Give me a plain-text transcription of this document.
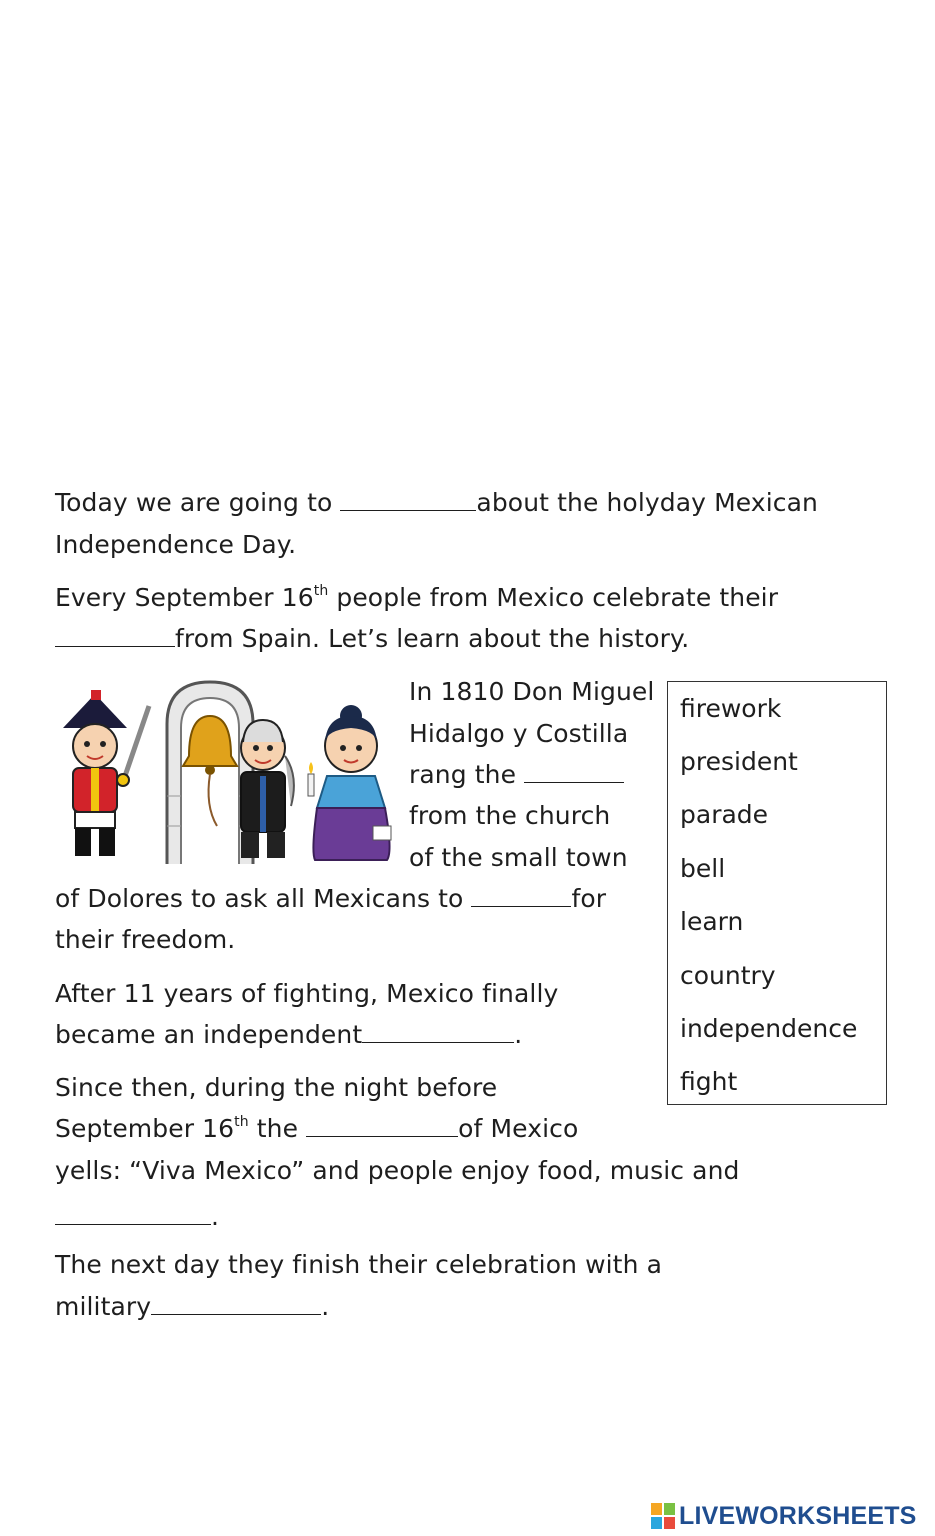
Today we are going to	about the holyday Mexican

Independence Day.

Every September 16th people from Mexico celebrate their

from Spain. Let’s learn about the history.

In 1810 Don Miguel

Hidalgo y Costilla

rang the

from the church

of the small town

of Dolores to ask all Mexicans to	for

their freedom.

After 11 years of fighting, Mexico finally

became an independent	.

Since then, during the night before

September 16th the	of Mexico

yells: “Viva Mexico” and people enjoy food, music and

.

The next day they finish their celebration with a

military	.

firework
president
parade
bell
learn
country
independence
fight
LIVEWORKSHEETS
